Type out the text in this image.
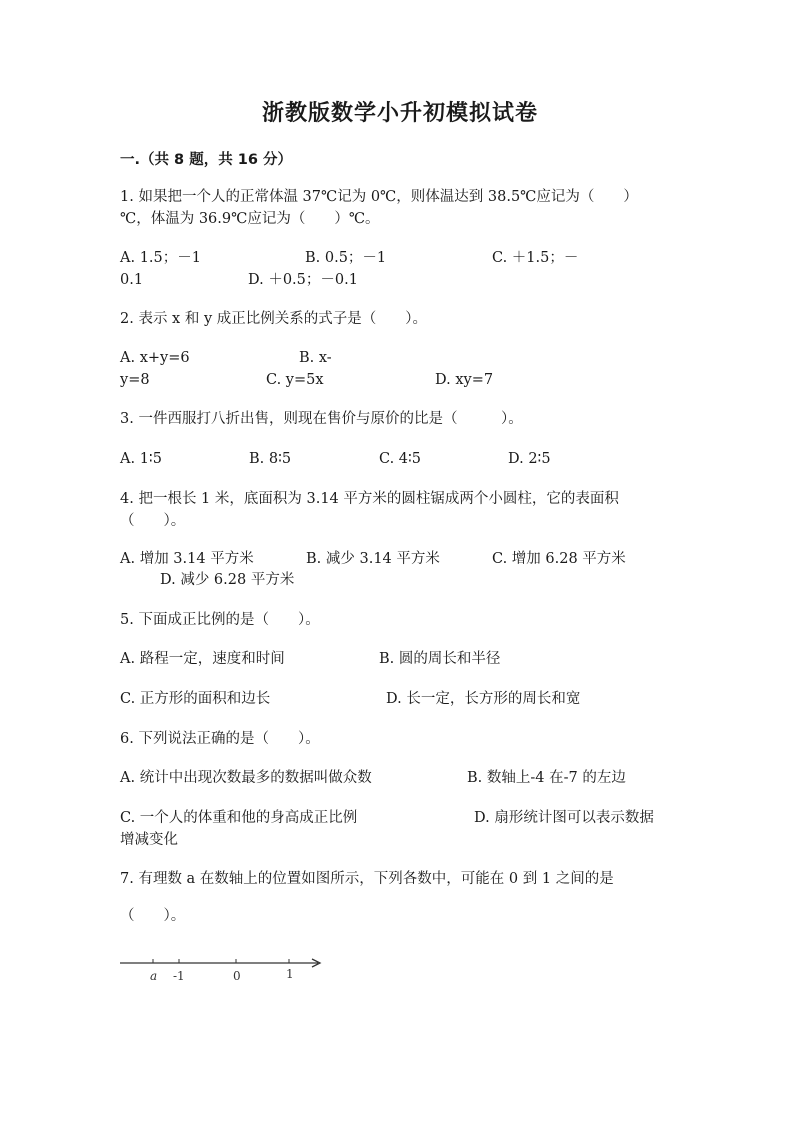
浙教版数学小升初模拟试卷
一.（共 8 题，共 16 分）
1. 如果把一个人的正常体温 37℃记为 0℃，则体温达到 38.5℃应记为（　　）
℃，体温为 36.9℃应记为（　　）℃。
A. 1.5；－1	B. 0.5；－1	C. ＋1.5；－
0.1	D. ＋0.5；－0.1
2. 表示 x 和 y 成正比例关系的式子是（　　）。
A. x+y=6	B. x-
y=8	C. y=5x	D. xy=7
3. 一件西服打八折出售，则现在售价与原价的比是（　　　）。
A. 1∶5	B. 8∶5	C. 4∶5	D. 2∶5
4. 把一根长 1 米，底面积为 3.14 平方米的圆柱锯成两个小圆柱，它的表面积
（　　）。
A. 增加 3.14 平方米	B. 减少 3.14 平方米	C. 增加 6.28 平方米
D. 减少 6.28 平方米
5. 下面成正比例的是（　　）。
A. 路程一定，速度和时间	B. 圆的周长和半径
C. 正方形的面积和边长	D. 长一定，长方形的周长和宽
6. 下列说法正确的是（　　）。
A. 统计中出现次数最多的数据叫做众数	B. 数轴上-4 在-7 的左边
C. 一个人的体重和他的身高成正比例	D. 扇形统计图可以表示数据
增减变化
7. 有理数 a 在数轴上的位置如图所示，下列各数中，可能在 0 到 1 之间的是
（　　）。
a -1	0	1
